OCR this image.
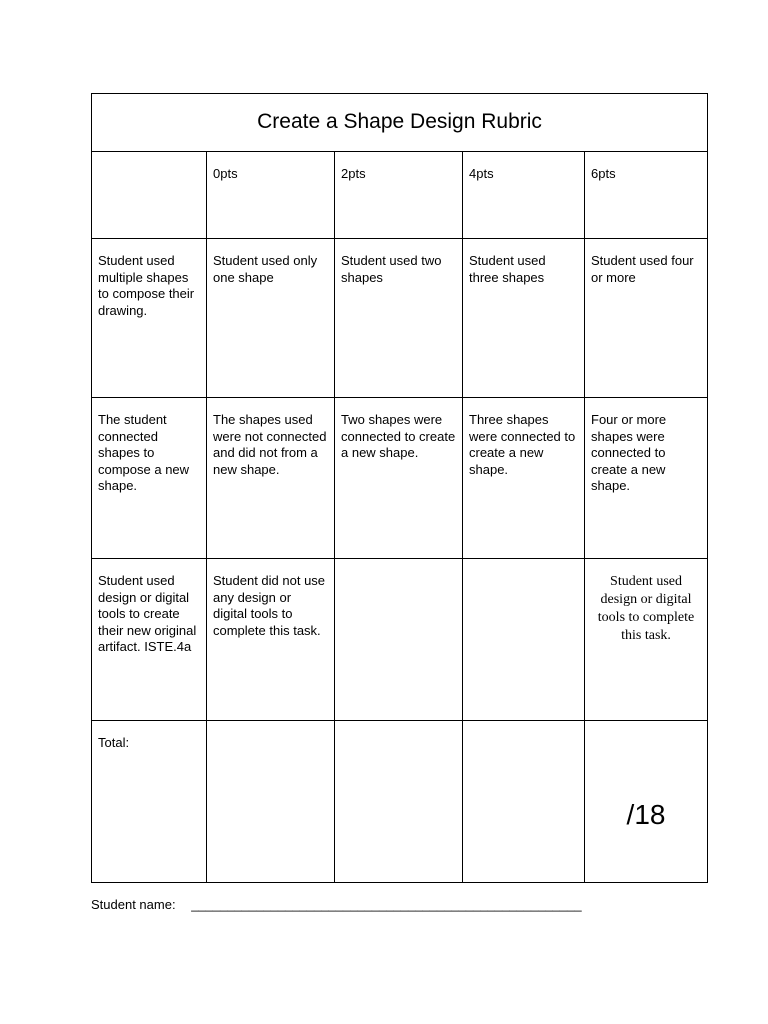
Create a Shape Design Rubric				
	0pts	2pts	4pts	6pts
Student used multiple shapes to compose their drawing.	Student used only one shape	Student used two shapes	Student used three shapes	Student used four or more
The student connected shapes to compose a new shape.	The shapes used were not connected and did not from a new shape.	Two shapes were connected to create a new shape.	Three shapes were connected to create a new shape.	Four or more shapes were connected to create a new shape.
Student used design or digital tools to create their new original artifact. ISTE.4a	Student did not use any design or digital tools to complete this task.			Student used design or digital tools to complete this task.
Total:				/18
Student name: ______________________________________________________
